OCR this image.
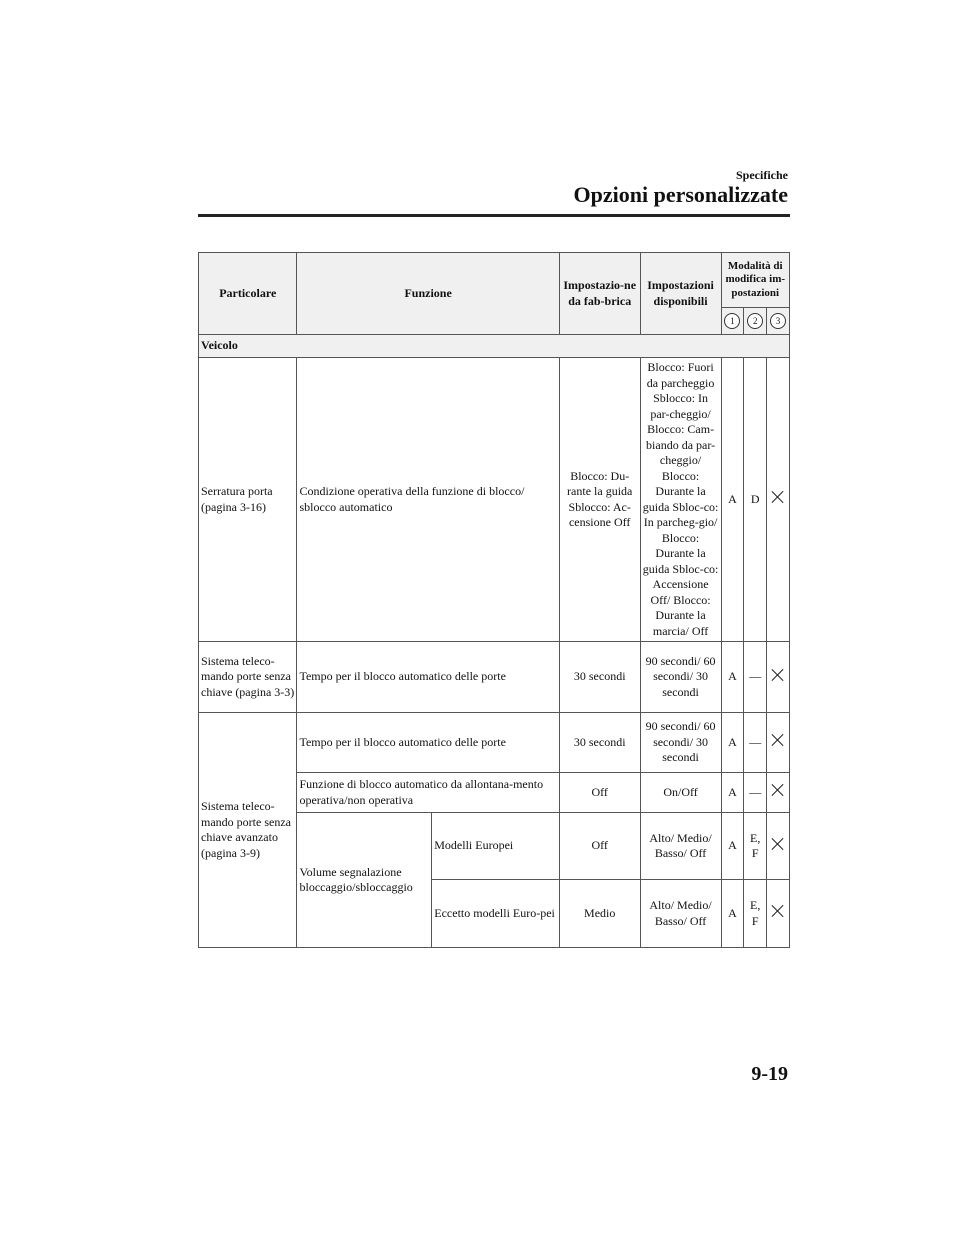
Specifiche
Opzioni personalizzate
Particolare	Funzione		Impostazio-ne da fab-brica	Impostazioni disponibili	Modalità di modifica im-postazioni		
					1	2	3
Veicolo							
Serratura porta (pagina 3-16)	Condizione operativa della funzione di blocco/ sblocco automatico		Blocco: Du-rante la guida Sblocco: Ac-censione Off	Blocco: Fuori da parcheggio Sblocco: In par-cheggio/ Blocco: Cam-biando da par-cheggio/ Blocco: Durante la guida Sbloc-co: In parcheg-gio/ Blocco: Durante la guida Sbloc-co: Accensione Off/ Blocco: Durante la marcia/ Off	A	D	
Sistema teleco-mando porte senza chiave (pagina 3-3)	Tempo per il blocco automatico delle porte		30 secondi	90 secondi/ 60 secondi/ 30 secondi	A	—	
Sistema teleco-mando porte senza chiave avanzato (pagina 3-9)	Tempo per il blocco automatico delle porte		30 secondi	90 secondi/ 60 secondi/ 30 secondi	A	—	
	Funzione di blocco automatico da allontana-mento operativa/non operativa		Off	On/Off	A	—	
	Volume segnalazione bloccaggio/sbloccaggio	Modelli Europei	Off	Alto/ Medio/ Basso/ Off	A	E, F	
		Eccetto modelli Euro-pei	Medio	Alto/ Medio/ Basso/ Off	A	E, F	
9-19
